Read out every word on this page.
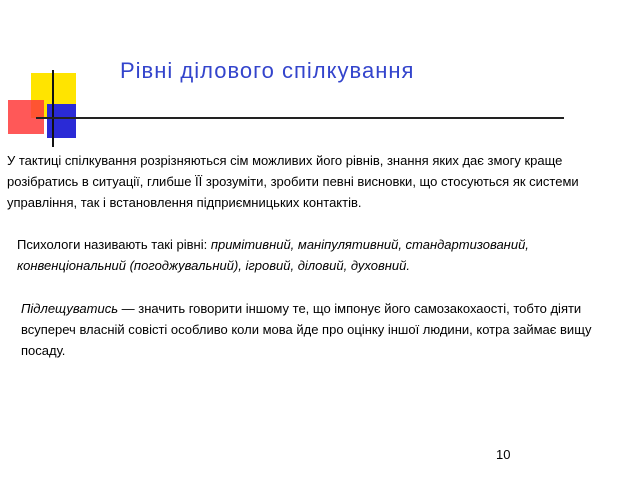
Рівні ділового спілкування

У тактиці спілкування розрізняються сім можливих його рівнів, знання яких дає змогу краще розібратись в ситуації, глибше ЇЇ зрозуміти, зробити певні висновки, що стосуються як системи управління, так і встановлення підприємницьких контактів.

Психологи називають такі рівні: примітивний, маніпулятивний, стандартизований, конвенціональний (погоджувальний), ігровий, діловий, духовний.

Підлещуватись — значить говорити іншому те, що імпонує його самозакохаості, тобто діяти всупереч власній совісті особливо коли мова йде про оцінку іншої людини, котра займає вищу посаду.

10
